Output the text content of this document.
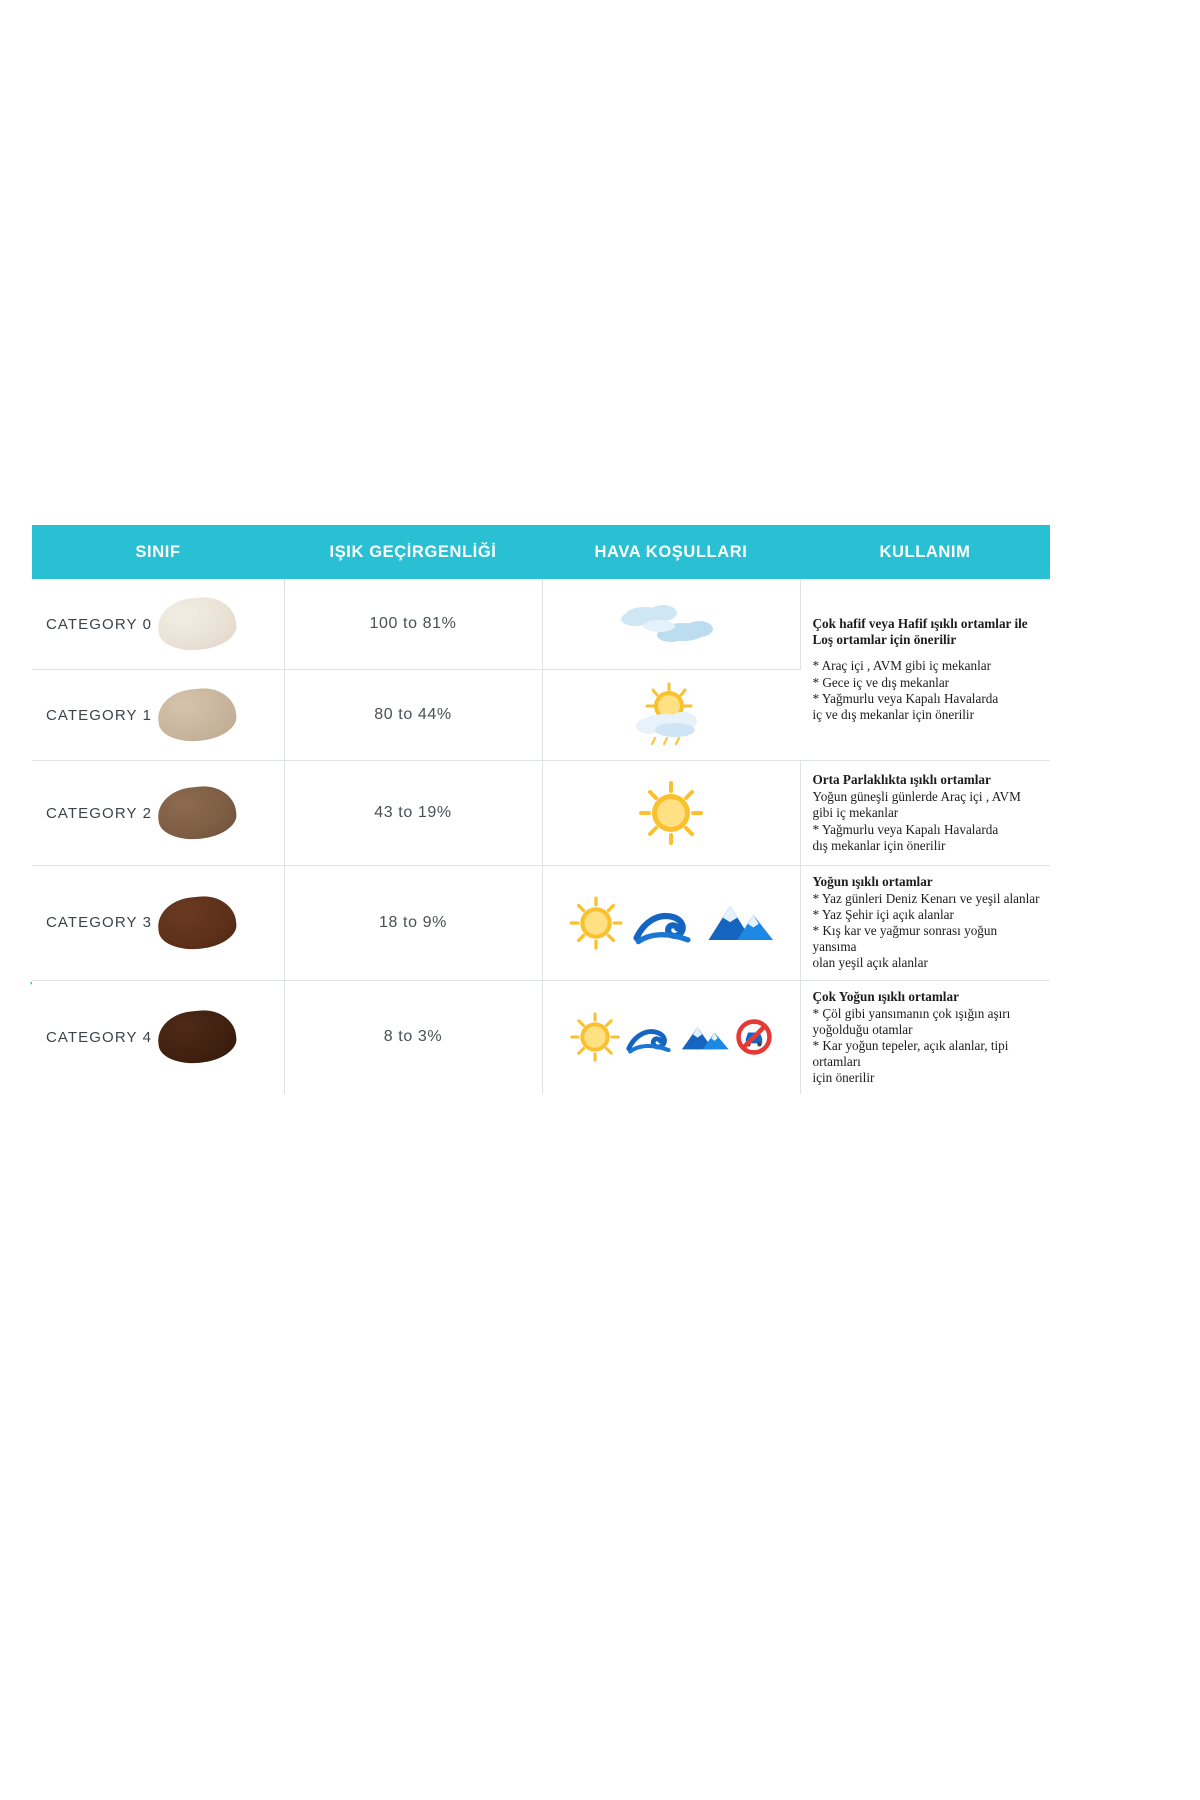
SINIF	IŞIK GEÇİRGENLİĞİ	HAVA KOŞULLARI	KULLANIM

CATEGORY 0	100 to 81%		Çok hafif veya Hafif ışıklı ortamlar ile Loş ortamlar için önerilir
* Araç içi , AVM gibi iç mekanlar
* Gece iç ve dış mekanlar
* Yağmurlu veya Kapalı Havalarda
iç ve dış mekanlar için önerilir

CATEGORY 1	80 to 44%	

CATEGORY 2	43 to 19%		Orta Parlaklıkta ışıklı ortamlar
Yoğun güneşli günlerde Araç içi , AVM
gibi iç mekanlar
* Yağmurlu veya Kapalı Havalarda
dış mekanlar için önerilir

CATEGORY 3	18 to 9%		Yoğun ışıklı ortamlar
* Yaz günleri Deniz Kenarı ve yeşil alanlar
* Yaz Şehir içi açık alanlar
* Kış kar ve yağmur sonrası yoğun yansıma
olan yeşil açık alanlar

CATEGORY 4	8 to 3%		Çok Yoğun ışıklı ortamlar
* Çöl gibi yansımanın çok ışığın aşırı
yoğolduğu otamlar
* Kar yoğun tepeler, açık alanlar, tipi ortamları
için önerilir
